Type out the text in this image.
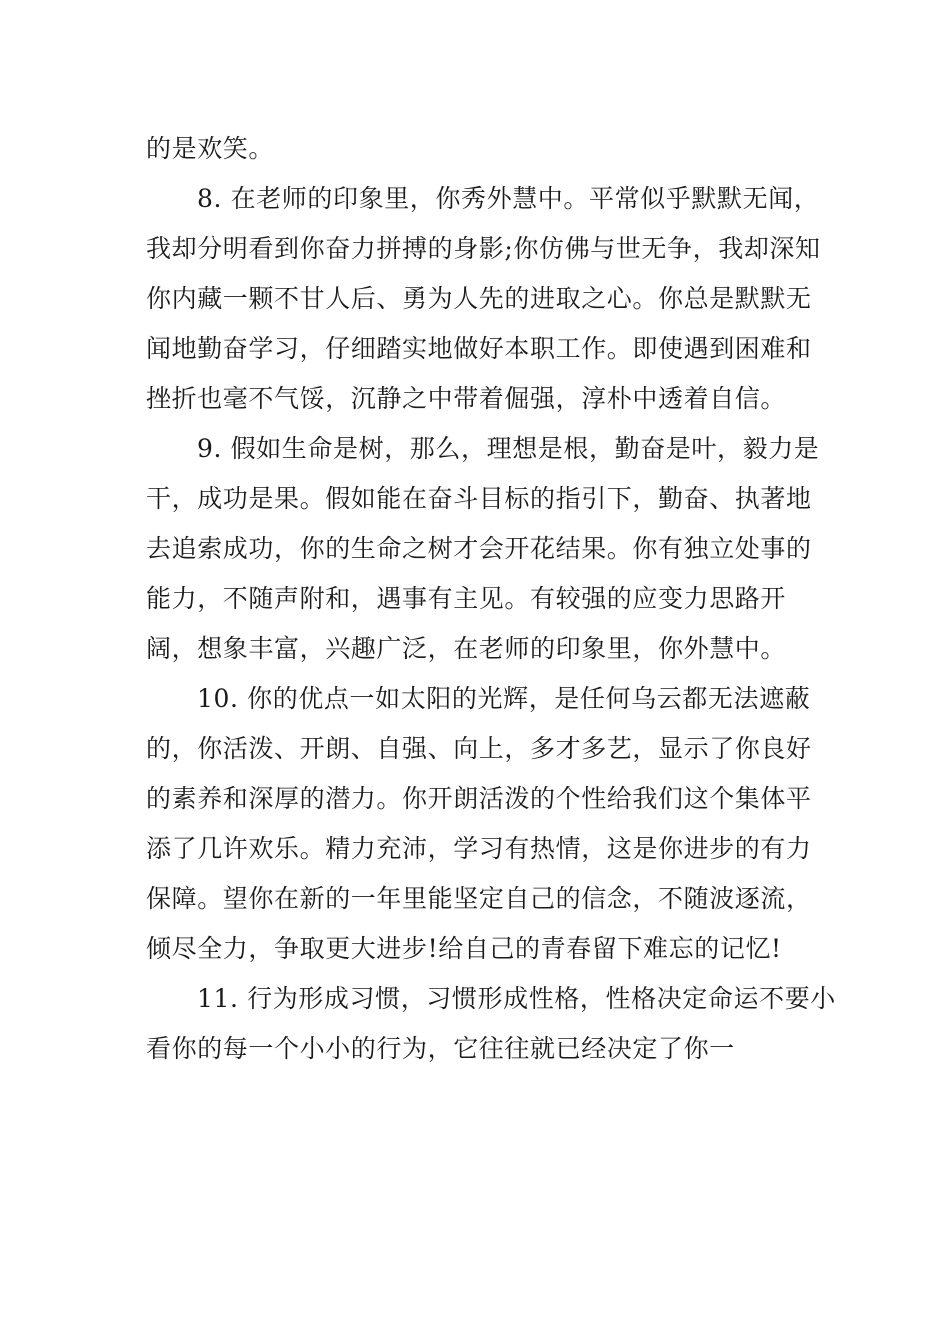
的是欢笑。

8. 在老师的印象里，你秀外慧中。平常似乎默默无闻，我却分明看到你奋力拼搏的身影;你仿佛与世无争，我却深知你内藏一颗不甘人后、勇为人先的进取之心。你总是默默无闻地勤奋学习，仔细踏实地做好本职工作。即使遇到困难和挫折也毫不气馁，沉静之中带着倔强，淳朴中透着自信。

9. 假如生命是树，那么，理想是根，勤奋是叶，毅力是干，成功是果。假如能在奋斗目标的指引下，勤奋、执著地去追索成功，你的生命之树才会开花结果。你有独立处事的能力，不随声附和，遇事有主见。有较强的应变力思路开阔，想象丰富，兴趣广泛，在老师的印象里，你外慧中。

10. 你的优点一如太阳的光辉，是任何乌云都无法遮蔽的，你活泼、开朗、自强、向上，多才多艺，显示了你良好的素养和深厚的潜力。你开朗活泼的个性给我们这个集体平添了几许欢乐。精力充沛，学习有热情，这是你进步的有力保障。望你在新的一年里能坚定自己的信念，不随波逐流，倾尽全力，争取更大进步!给自己的青春留下难忘的记忆!

11. 行为形成习惯，习惯形成性格，性格决定命运不要小看你的每一个小小的行为，它往往就已经决定了你一
